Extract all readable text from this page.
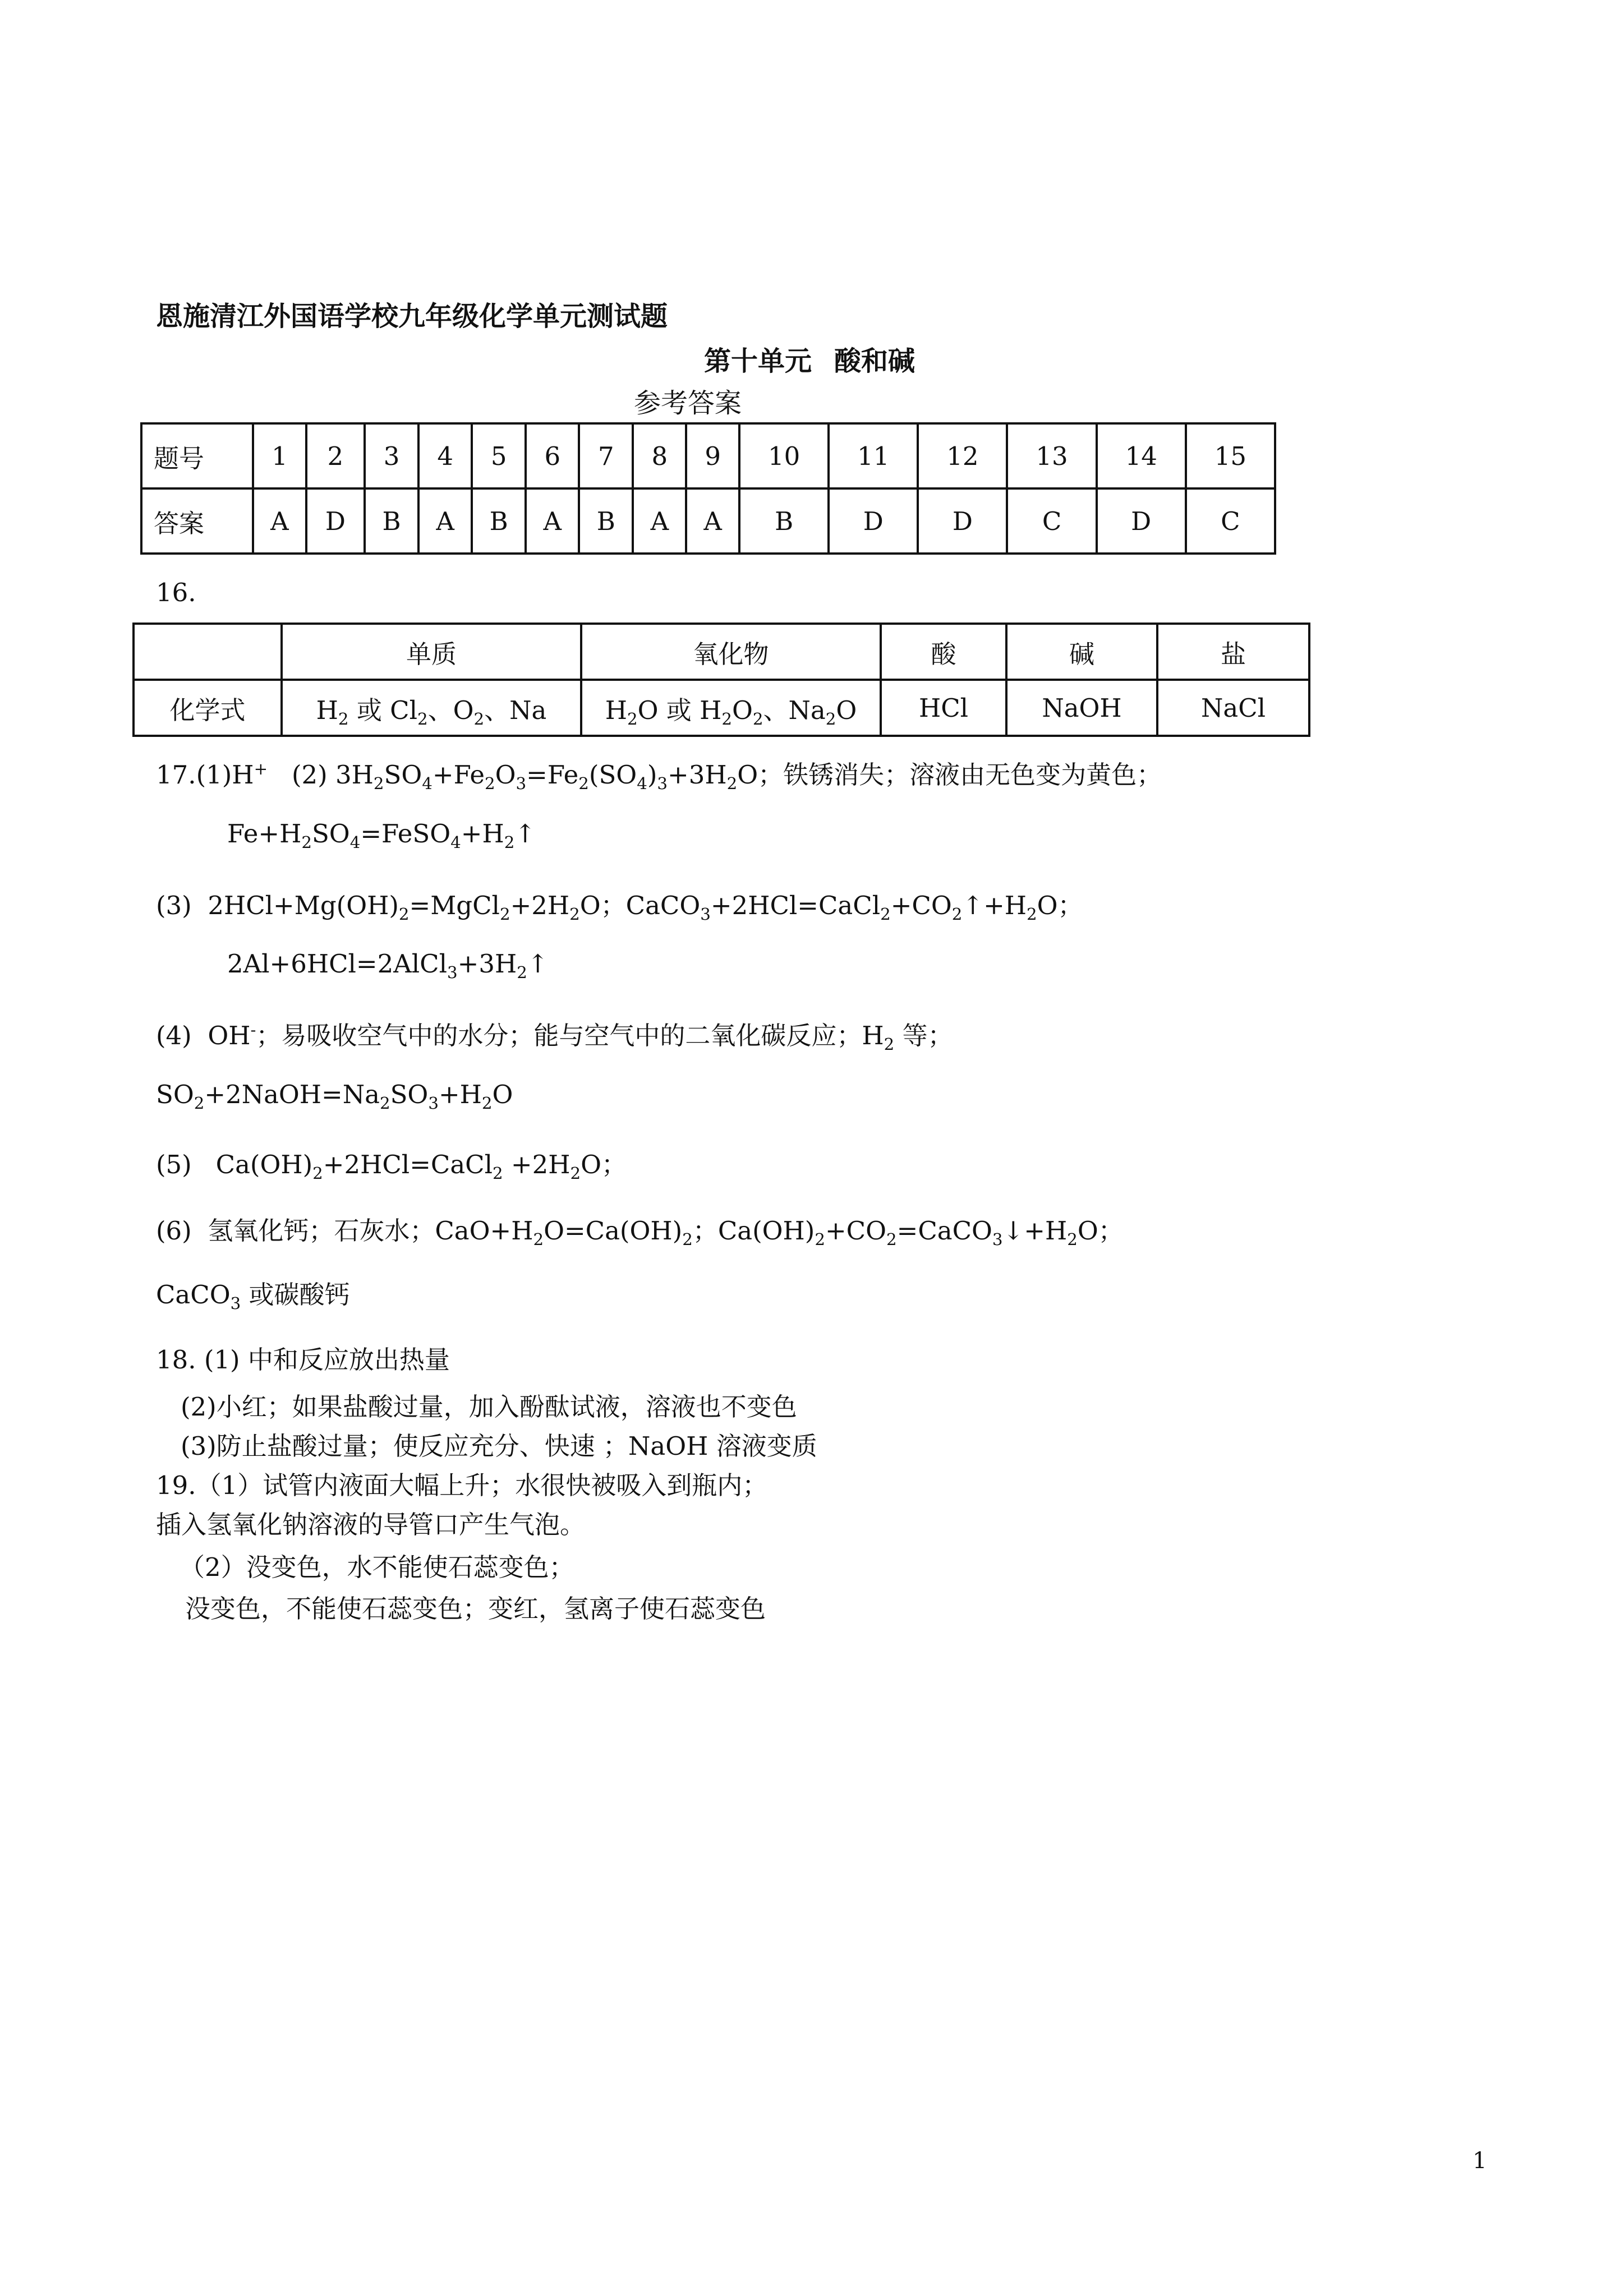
恩施清江外国语学校九年级化学单元测试题
第十单元 酸和碱
参考答案
题号	1	2	3	4	5	6	7	8	9	10	11	12	13	14	15
答案	A	D	B	A	B	A	B	A	A	B	D	D	C	D	C
16.
	单质	氧化物	酸	碱	盐
化学式	$H_2$ 或 $Cl_2$、$O_2$、Na	$H_2O$ 或 $H_2O_2$、$Na_2O$	HCl	NaOH	NaCl
17.(1)H+   (2) $3H_2SO_4+Fe_2O_3=Fe_2(SO_4)_3+3H_2O$；铁锈消失；溶液由无色变为黄色；
$Fe+H_2SO_4=FeSO_4+H_2↑$
(3)  $2HCl+Mg(OH)_2=MgCl_2+2H_2O$；$CaCO_3+2HCl=CaCl_2+CO_2↑+H_2O$；
$2Al+6HCl=2AlCl_3+3H_2↑$
(4)  OH-；易吸收空气中的水分；能与空气中的二氧化碳反应；$H_2$ 等；
$SO_2+2NaOH=Na_2SO_3+H_2O$
(5)   $Ca(OH)_2+2HCl=CaCl_2 +2H_2O$；
(6)  氢氧化钙；石灰水；$CaO+H_2O=Ca(OH)_2$；$Ca(OH)_2+CO_2=CaCO_3↓+H_2O$；
CaCO$_3$ 或碳酸钙
18. (1) 中和反应放出热量
(2)小红；如果盐酸过量，加入酚酞试液，溶液也不变色
(3)防止盐酸过量；使反应充分、快速 ；NaOH 溶液变质
19.（1）试管内液面大幅上升；水很快被吸入到瓶内；
插入氢氧化钠溶液的导管口产生气泡。
（2）没变色，水不能使石蕊变色；
没变色，不能使石蕊变色；变红，氢离子使石蕊变色
1
